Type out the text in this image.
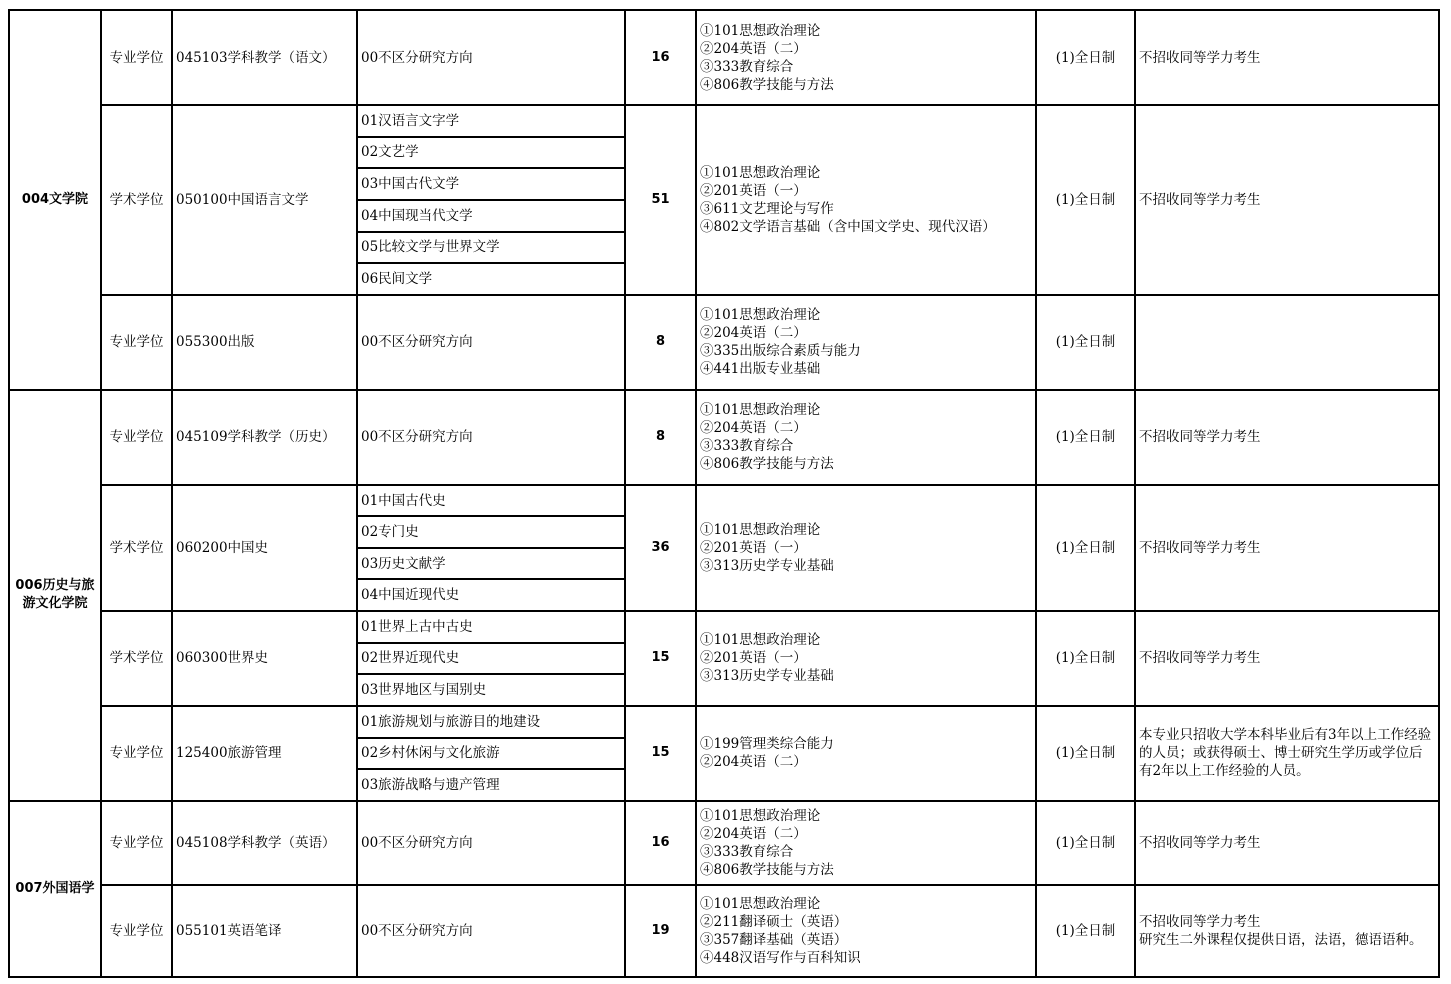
004文学院	专业学位	045103学科教学（语文）	00不区分研究方向	16	①101思想政治理论
②204英语（二）
③333教育综合
④806教学技能与方法	(1)全日制	不招收同等学力考生

	学术学位	050100中国语言文学	01汉语言文字学	51	①101思想政治理论
②201英语（一）
③611文艺理论与写作
④802文学语言基础（含中国文学史、现代汉语）	(1)全日制	不招收同等学力考生

			02文艺学				
			03中国古代文学				
			04中国现当代文学				
			05比较文学与世界文学				
			06民间文学				
	专业学位	055300出版	00不区分研究方向	8	①101思想政治理论
②204英语（二）
③335出版综合素质与能力
④441出版专业基础	(1)全日制	
006历史与旅游文化学院	专业学位	045109学科教学（历史）	00不区分研究方向	8	①101思想政治理论
②204英语（二）
③333教育综合
④806教学技能与方法	(1)全日制	不招收同等学力考生

	学术学位	060200中国史	01中国古代史	36	①101思想政治理论
②201英语（一）
③313历史学专业基础	(1)全日制	不招收同等学力考生

			02专门史				
			03历史文献学				
			04中国近现代史				
	学术学位	060300世界史	01世界上古中古史	15	①101思想政治理论
②201英语（一）
③313历史学专业基础	(1)全日制	不招收同等学力考生

			02世界近现代史				
			03世界地区与国别史				
	专业学位	125400旅游管理	01旅游规划与旅游目的地建设	15	①199管理类综合能力
②204英语（二）	(1)全日制	本专业只招收大学本科毕业后有3年以上工作经验的人员；或获得硕士、博士研究生学历或学位后有2年以上工作经验的人员。

			02乡村休闲与文化旅游				
			03旅游战略与遗产管理				
007外国语学	专业学位	045108学科教学（英语）	00不区分研究方向	16	①101思想政治理论
②204英语（二）
③333教育综合
④806教学技能与方法	(1)全日制	不招收同等学力考生

	专业学位	055101英语笔译	00不区分研究方向	19	①101思想政治理论
②211翻译硕士（英语）
③357翻译基础（英语）
④448汉语写作与百科知识	(1)全日制	不招收同等学力考生
研究生二外课程仅提供日语，法语，德语语种。
